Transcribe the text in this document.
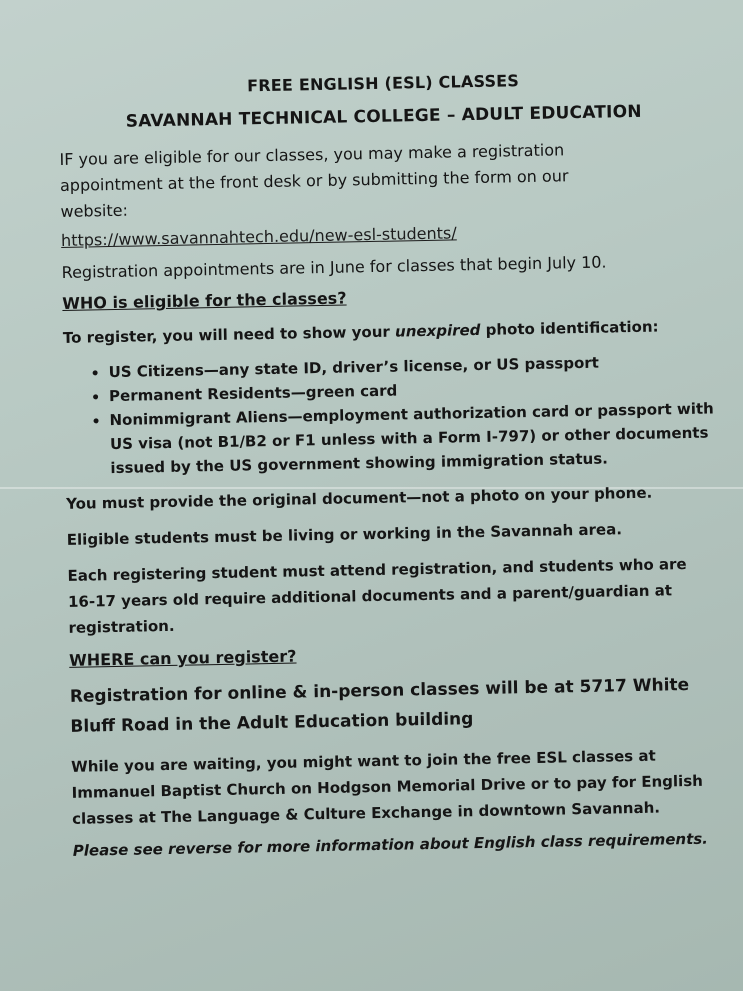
FREE ENGLISH (ESL) CLASSES
SAVANNAH TECHNICAL COLLEGE – ADULT EDUCATION
IF you are eligible for our classes, you may make a registration appointment at the front desk or by submitting the form on our website:
https://www.savannahtech.edu/new-esl-students/
Registration appointments are in June for classes that begin July 10.
WHO is eligible for the classes?
To register, you will need to show your unexpired photo identification:
• US Citizens—any state ID, driver’s license, or US passport
• Permanent Residents—green card
• Nonimmigrant Aliens—employment authorization card or passport with US visa (not B1/B2 or F1 unless with a Form I-797) or other documents issued by the US government showing immigration status.
You must provide the original document—not a photo on your phone.
Eligible students must be living or working in the Savannah area.
Each registering student must attend registration, and students who are 16-17 years old require additional documents and a parent/guardian at registration.
WHERE can you register?
Registration for online & in-person classes will be at 5717 White Bluff Road in the Adult Education building
While you are waiting, you might want to join the free ESL classes at Immanuel Baptist Church on Hodgson Memorial Drive or to pay for English classes at The Language & Culture Exchange in downtown Savannah.
Please see reverse for more information about English class requirements.
